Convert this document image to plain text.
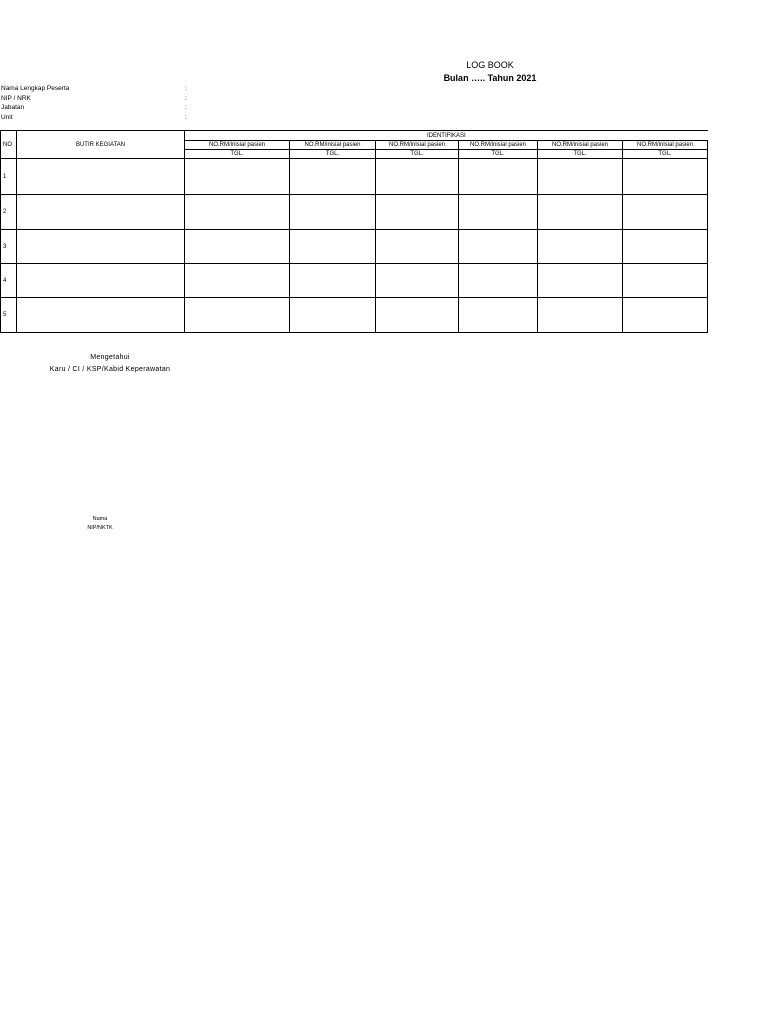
LOG BOOK
Bulan ….. Tahun 2021
Nama Lengkap Peserta	:
NIP / NRK	:
Jabatan	:
Unit	:
NO	BUTIR KEGIATAN	IDENTIFIKASI					
		NO.RM/inisial pasien	NO.RM/inisial pasien	NO.RM/inisial pasien	NO.RM/inisial pasien	NO.RM/inisial pasien	NO.RM/inisial pasien
		TGL.	TGL.	TGL.	TGL.	TGL.	TGL.
1							
2							
3							
4							
5							
Mengetahui
Karu / CI / KSP/Kabid Keperawatan
Nama
NIP/NKTK
